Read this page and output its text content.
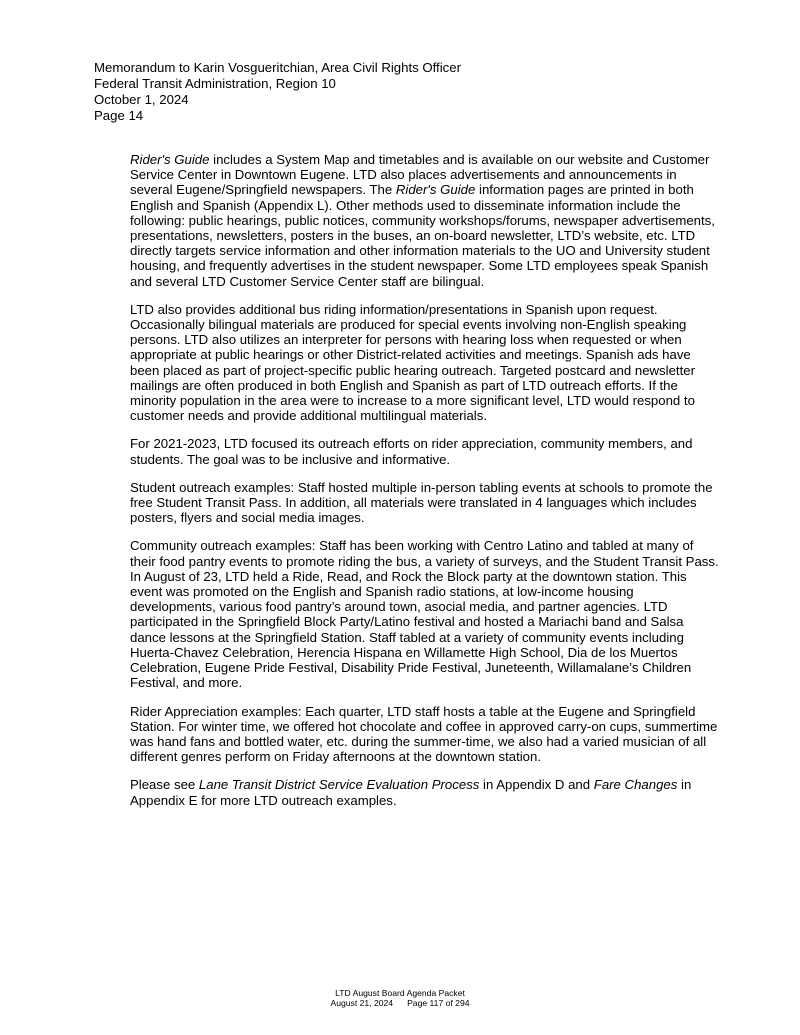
Memorandum to Karin Vosgueritchian, Area Civil Rights Officer
Federal Transit Administration, Region 10
October 1, 2024
Page 14

Rider's Guide includes a System Map and timetables and is available on our website and Customer Service Center in Downtown Eugene. LTD also places advertisements and announcements in several Eugene/Springfield newspapers. The Rider's Guide information pages are printed in both English and Spanish (Appendix L). Other methods used to disseminate information include the following: public hearings, public notices, community workshops/forums, newspaper advertisements, presentations, newsletters, posters in the buses, an on-board newsletter, LTD’s website, etc. LTD directly targets service information and other information materials to the UO and University student housing, and frequently advertises in the student newspaper. Some LTD employees speak Spanish and several LTD Customer Service Center staff are bilingual.

LTD also provides additional bus riding information/presentations in Spanish upon request. Occasionally bilingual materials are produced for special events involving non-English speaking persons. LTD also utilizes an interpreter for persons with hearing loss when requested or when appropriate at public hearings or other District-related activities and meetings. Spanish ads have been placed as part of project-specific public hearing outreach. Targeted postcard and newsletter mailings are often produced in both English and Spanish as part of LTD outreach efforts. If the minority population in the area were to increase to a more significant level, LTD would respond to customer needs and provide additional multilingual materials.

For 2021-2023, LTD focused its outreach efforts on rider appreciation, community members, and students. The goal was to be inclusive and informative.

Student outreach examples: Staff hosted multiple in-person tabling events at schools to promote the free Student Transit Pass. In addition, all materials were translated in 4 languages which includes posters, flyers and social media images.

Community outreach examples: Staff has been working with Centro Latino and tabled at many of their food pantry events to promote riding the bus, a variety of surveys, and the Student Transit Pass. In August of 23, LTD held a Ride, Read, and Rock the Block party at the downtown station. This event was promoted on the English and Spanish radio stations, at low-income housing developments, various food pantry’s around town, asocial media, and partner agencies. LTD participated in the Springfield Block Party/Latino festival and hosted a Mariachi band and Salsa dance lessons at the Springfield Station. Staff tabled at a variety of community events including Huerta-Chavez Celebration, Herencia Hispana en Willamette High School, Dia de los Muertos Celebration, Eugene Pride Festival, Disability Pride Festival, Juneteenth, Willamalane’s Children
Festival, and more.

Rider Appreciation examples: Each quarter, LTD staff hosts a table at the Eugene and Springfield Station. For winter time, we offered hot chocolate and coffee in approved carry-on cups, summertime was hand fans and bottled water, etc. during the summer-time, we also had a varied musician of all different genres perform on Friday afternoons at the downtown station.

Please see Lane Transit District Service Evaluation Process in Appendix D and Fare Changes in Appendix E for more LTD outreach examples.

LTD August Board Agenda Packet
August 21, 2024 Page 117 of 294
